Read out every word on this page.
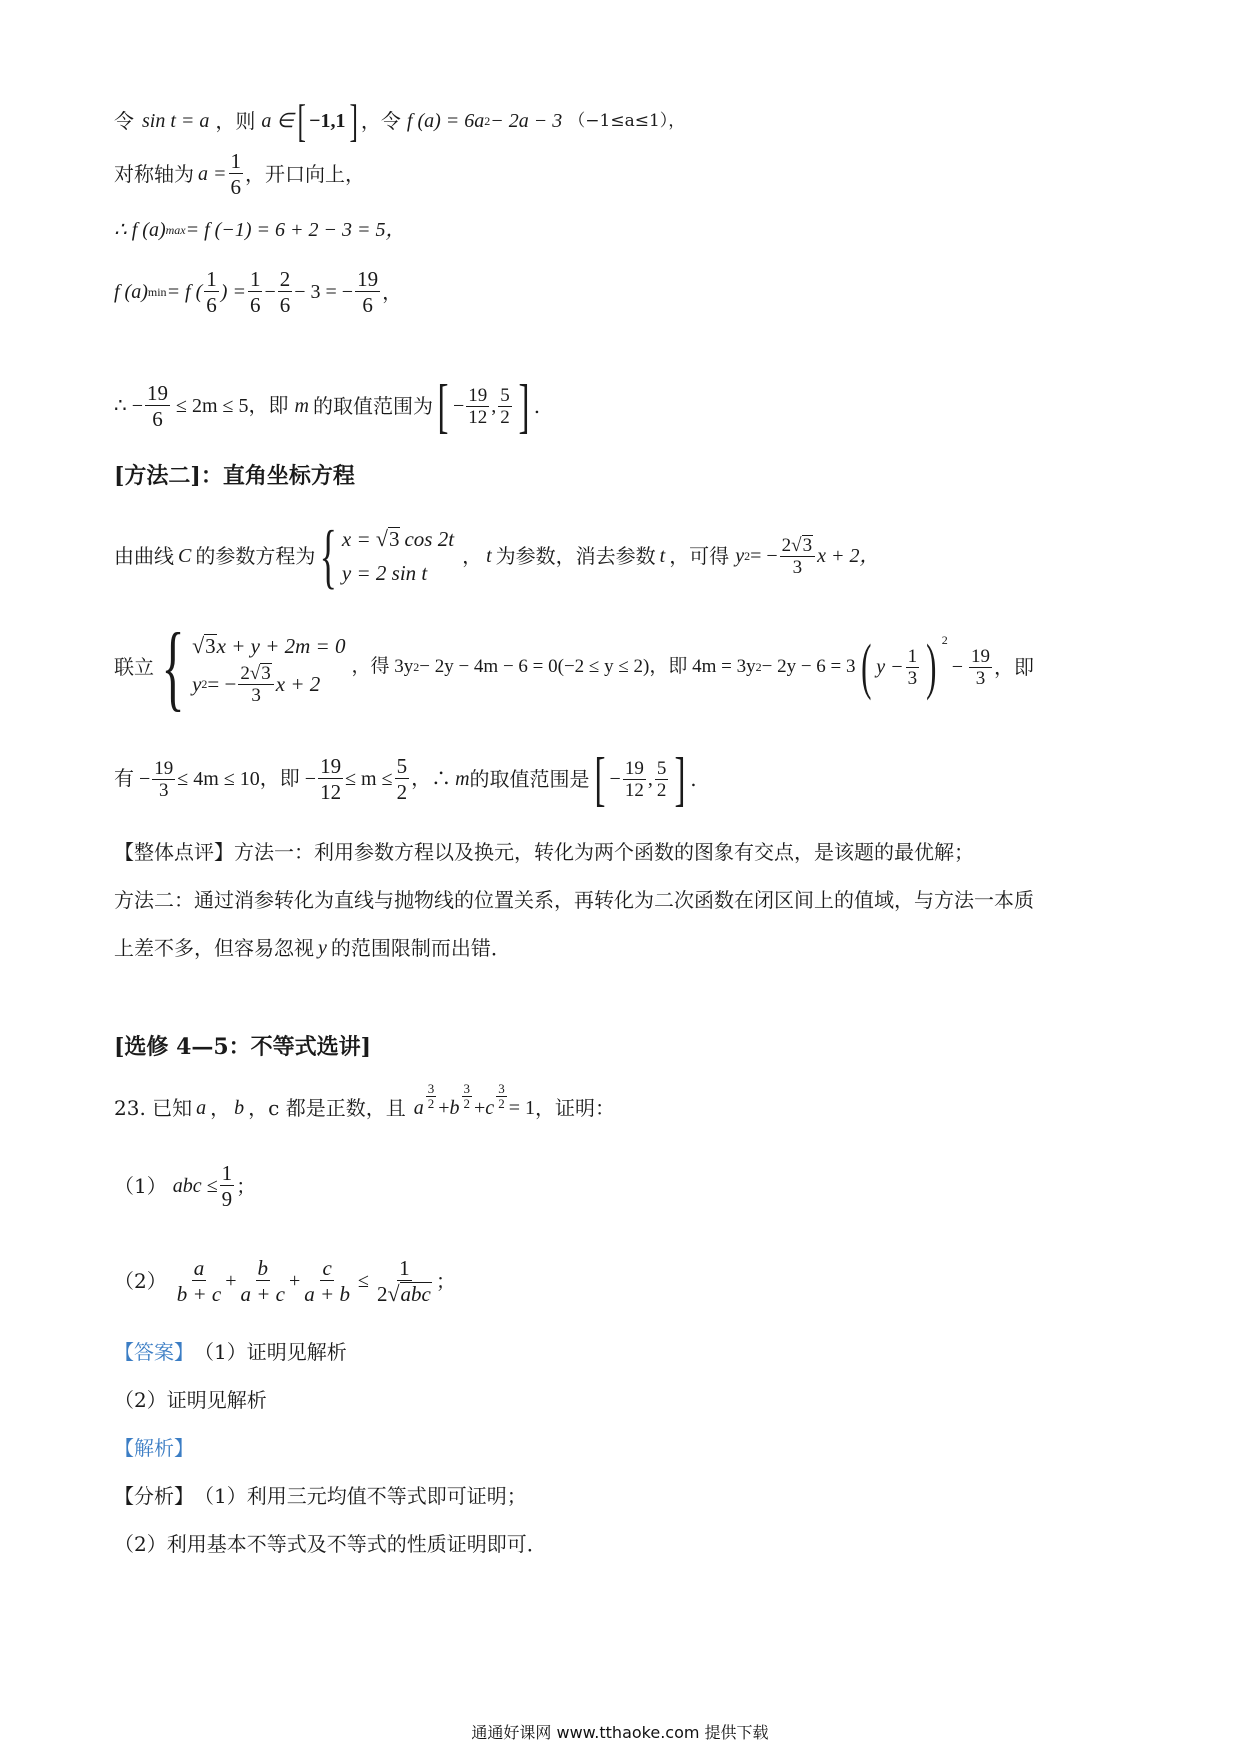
令 sin t = a ，则 a ∈ [ −1,1 ] ，令 f (a) = 6a 2 − 2a − 3 （−1≤a≤1），
对称轴为 $a = \frac{1}{6}$ ，开口向上，
∴ f (a) max = f (−1) = 6 + 2 − 3 = 5，
f (a) min = f ( $\frac{1}{6}$ ) = $\frac{1}{6} - \frac{2}{6} - 3$ = − $\frac{19}{6}$ ，
∴ − $\frac{19}{6} \le 2m \le 5$，即 m 的取值范围为 [ − $\frac{19}{12}$ , $\frac{5}{2}$ ] .
[方法二]：直角坐标方程
由曲线 C 的参数方程为 { x = √ 3 cos 2t
y = 2 sin t
， t 为参数，消去参数 t ，可得 y 2 = − $\frac{2 √ 3}{3}$ x + 2，
联立 { √ 3 x + y + 2m = 0
y 2 = − $\frac{2 √ 3}{3}$ x + 2
，得 3y 2 − 2y − 4m − 6 = 0(−2 ≤ y ≤ 2)，即 4m = 3y 2 − 2y − 6 = 3 ( $y - \frac{1}{3}$ ) $^2$
− $\frac{19}{3}$ ，即
有 − $\frac{19}{3} \le 4m \le 10$，即 − $\frac{19}{12} \le m \le \frac{5}{2}$ ，∴ m 的取值范围是 [ − $\frac{19}{12}$ , $\frac{5}{2}$ ] .
【整体点评】 方法一：利用参数方程以及换元，转化为两个函数的图象有交点，是该题的最优解；
方法二：通过消参转化为直线与抛物线的位置关系，再转化为二次函数在闭区间上的值域，与方法一本质
上差不多，但容易忽视 y 的范围限制而出错．
[选修 4—5：不等式选讲]
23. 已知 a ， b ，c 都是正数，且 a $\frac{3}{2} + b \frac{3}{2} + c \frac{3}{2} = 1$ ，证明：
（1） abc ≤ $\frac{1}{9}$ ；
$(2) \frac{a}{b + c} + \frac{b}{a + c} + \frac{c}{a + b} \le \frac{1}{\text{2 √ abc}}$ ；
【答案】 （1）证明见解析
（2）证明见解析
【解析】
【分析】 （1）利用三元均值不等式即可证明；
（2）利用基本不等式及不等式的性质证明即可．
通通好课网 www.tthaoke.com 提供下载
